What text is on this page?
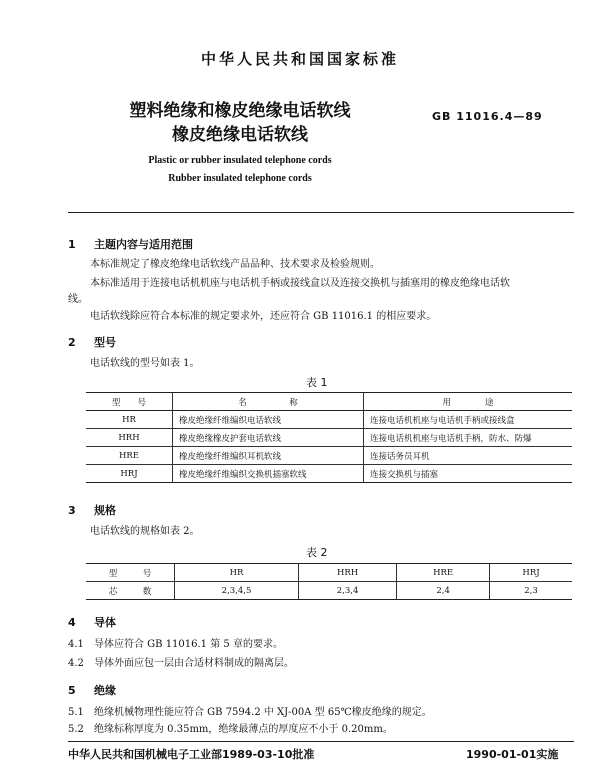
中华人民共和国国家标准
塑料绝缘和橡皮绝缘电话软线
橡皮绝缘电话软线
GB 11016.4—89
Plastic or rubber insulated telephone cords
Rubber insulated telephone cords
1 主题内容与适用范围
本标准规定了橡皮绝缘电话软线产品品种、技术要求及检验规则。
本标准适用于连接电话机机座与电话机手柄或接线盒以及连接交换机与插塞用的橡皮绝缘电话软
线。
电话软线除应符合本标准的规定要求外，还应符合 GB 11016.1 的相应要求。
2 型号
电话软线的型号如表 1。
表 1
型　　号	名　　　　　称	用　　　　途
HR	橡皮绝缘纤维编织电话软线	连接电话机机座与电话机手柄或接线盒
HRH	橡皮绝缘橡皮护套电话软线	连接电话机机座与电话机手柄，防水、防爆
HRE	橡皮绝缘纤维编织耳机软线	连接话务员耳机
HRJ	橡皮绝缘纤维编织交换机插塞软线	连接交换机与插塞
3 规格
电话软线的规格如表 2。
表 2
型　　　号	HR	HRH	HRE	HRJ
芯　　　数	2,3,4,5	2,3,4	2,4	2,3
4 导体
4.1 导体应符合 GB 11016.1 第 5 章的要求。
4.2 导体外面应包一层由合适材料制成的隔离层。
5 绝缘
5.1 绝缘机械物理性能应符合 GB 7594.2 中 XJ-00A 型 65℃橡皮绝缘的规定。
5.2 绝缘标称厚度为 0.35mm，绝缘最薄点的厚度应不小于 0.20mm。
中华人民共和国机械电子工业部1989-03-10批准	1990-01-01实施
